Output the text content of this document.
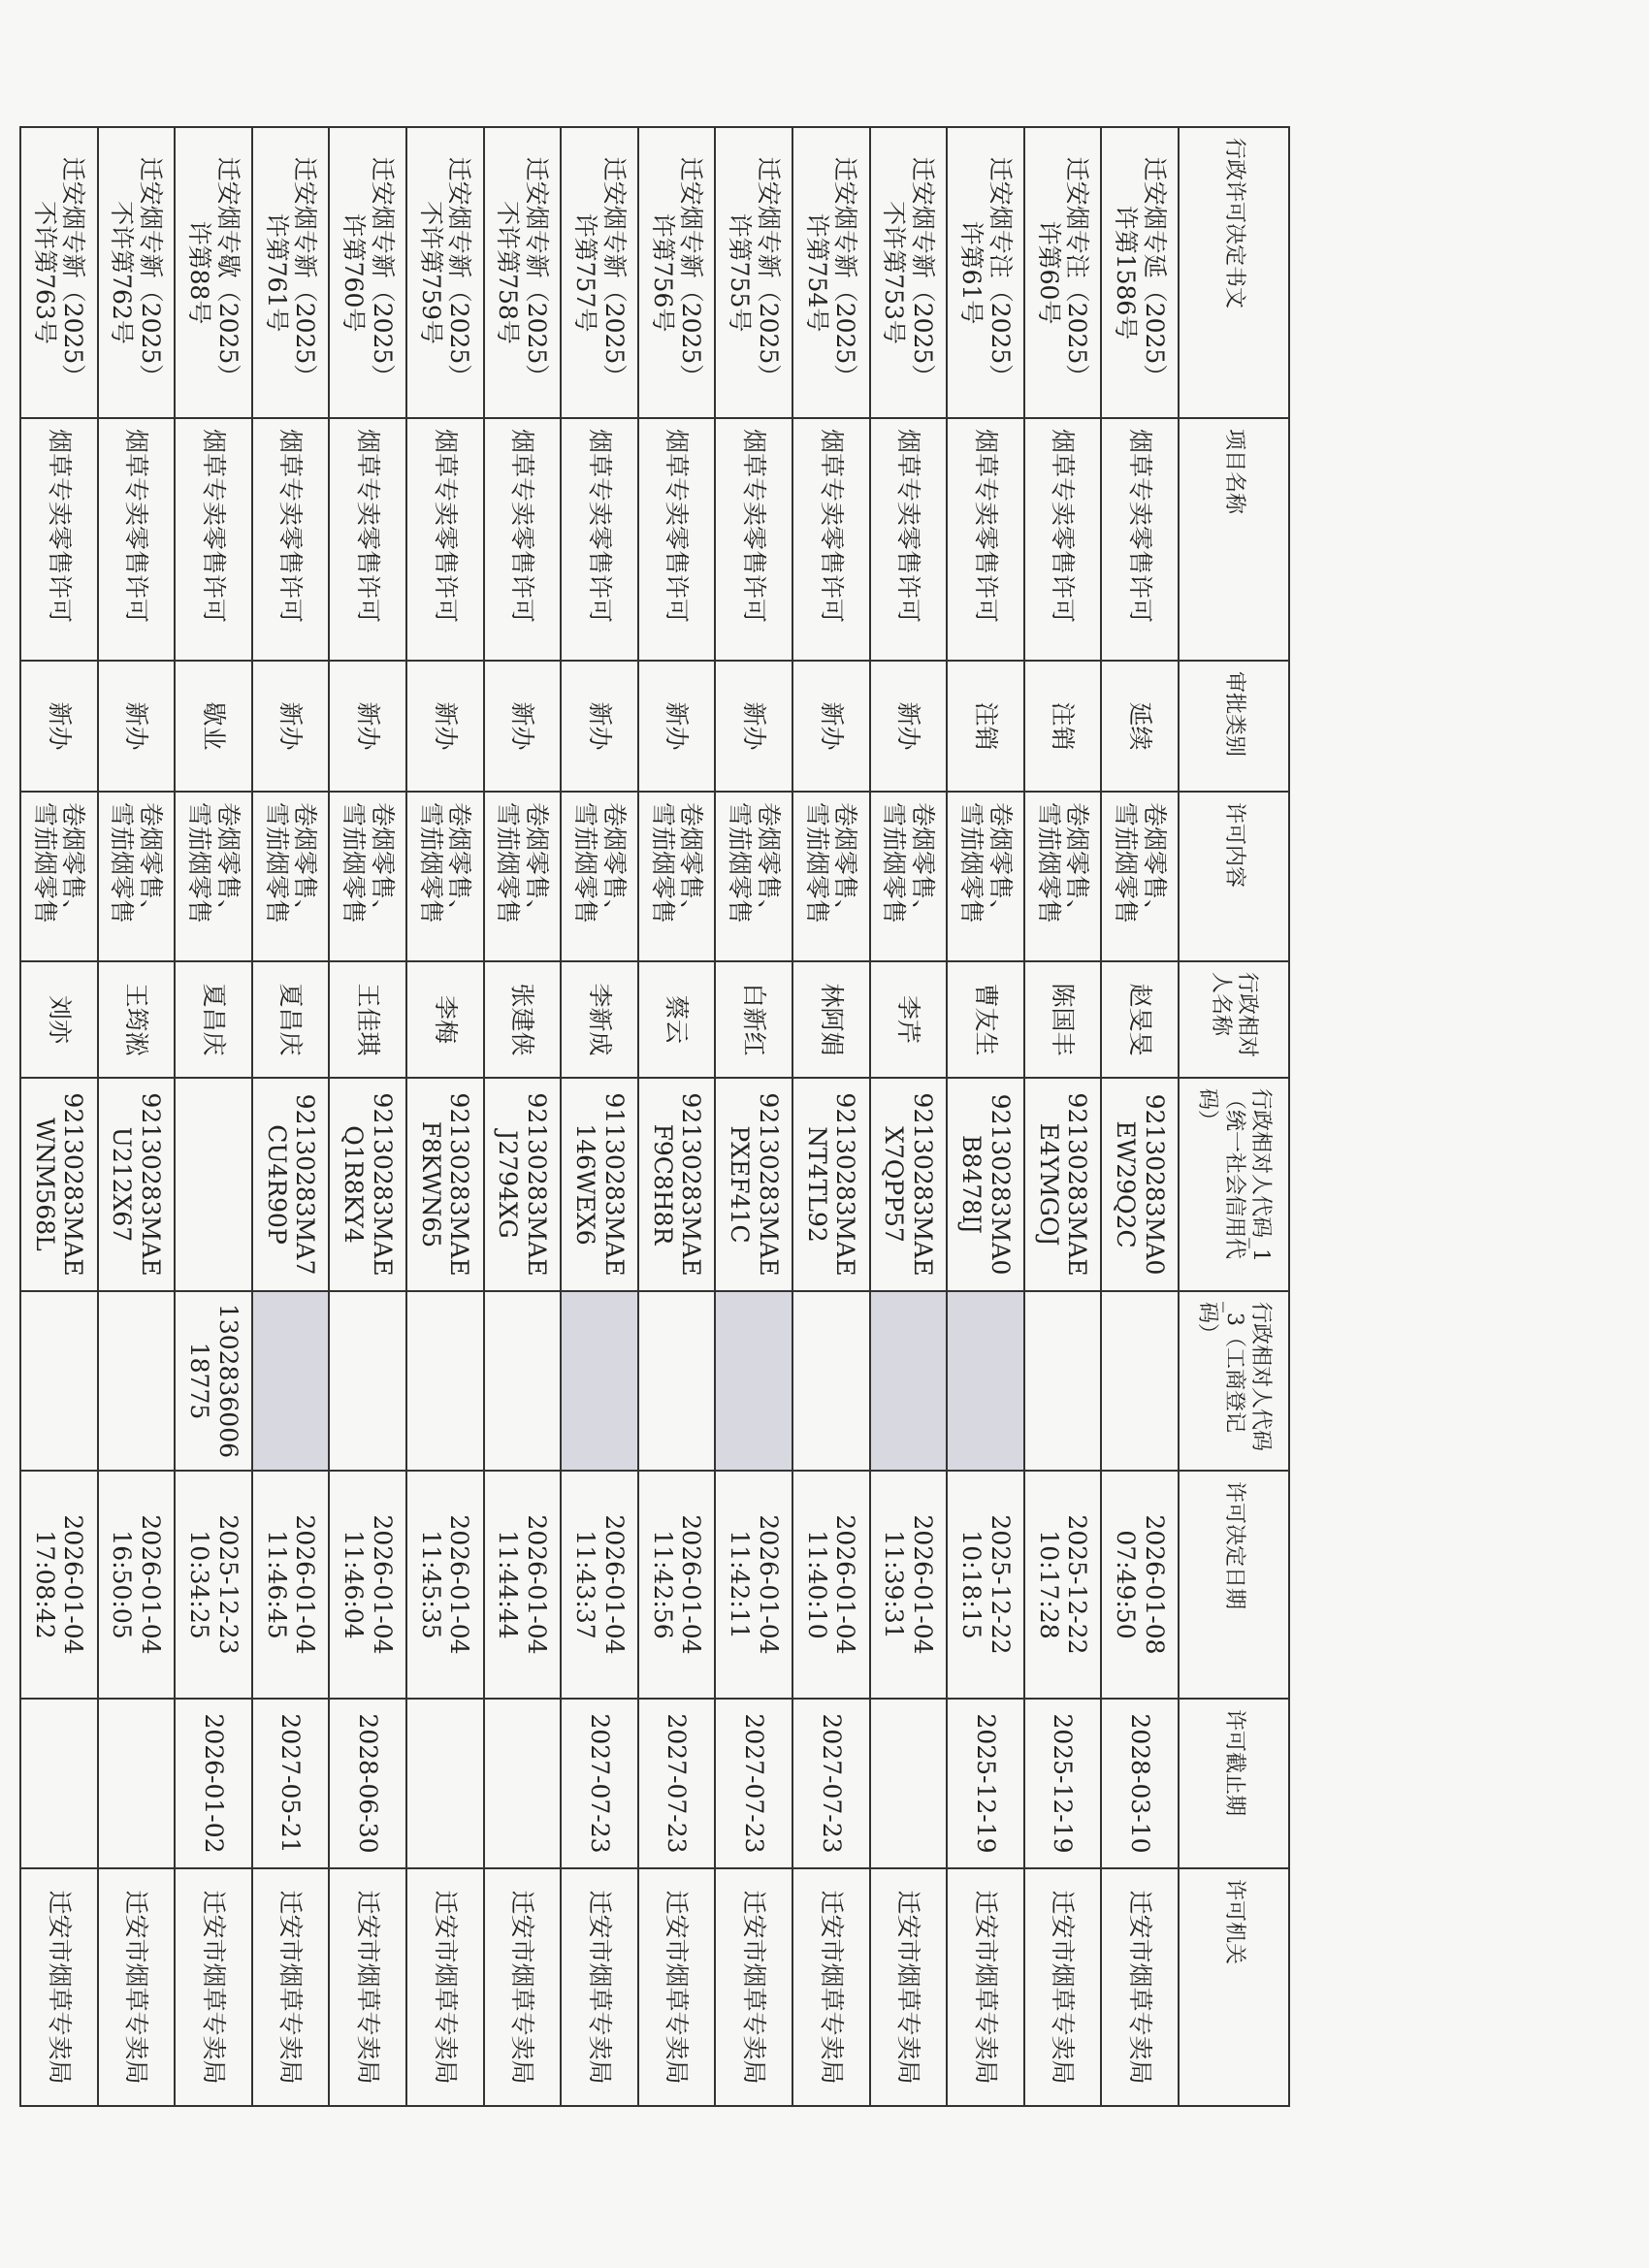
行政许可决定书文	项目名称	审批类别	许可内容	行政相对人名称	行政相对人代码_1（统一社会信用代码）	行政相对人代码_3（工商登记码）	许可决定日期	许可截止期	许可机关

迁安烟专延（2025）
许第1586号	烟草专卖零售许可	延续	卷烟零售、
雪茄烟零售	赵旻旻	92130283MA0
EW29Q2C		2026-01-08
07:49:50	2028-03-10	迁安市烟草专卖局

迁安烟专注（2025）
许第60号	烟草专卖零售许可	注销	卷烟零售、
雪茄烟零售	陈国丰	92130283MAE
E4YMGOJ		2025-12-22
10:17:28	2025-12-19	迁安市烟草专卖局

迁安烟专注（2025）
许第61号	烟草专卖零售许可	注销	卷烟零售、
雪茄烟零售	曹友生	92130283MA0
B8478IJ		2025-12-22
10:18:15	2025-12-19	迁安市烟草专卖局

迁安烟专新（2025）
不许第753号	烟草专卖零售许可	新办	卷烟零售、
雪茄烟零售	李芹	92130283MAE
X7QPP57		2026-01-04
11:39:31		迁安市烟草专卖局

迁安烟专新（2025）
许第754号	烟草专卖零售许可	新办	卷烟零售、
雪茄烟零售	林阿娟	92130283MAE
NT4TL92		2026-01-04
11:40:10	2027-07-23	迁安市烟草专卖局

迁安烟专新（2025）
许第755号	烟草专卖零售许可	新办	卷烟零售、
雪茄烟零售	白新红	92130283MAE
PXEF41C		2026-01-04
11:42:11	2027-07-23	迁安市烟草专卖局

迁安烟专新（2025）
许第756号	烟草专卖零售许可	新办	卷烟零售、
雪茄烟零售	蔡云	92130283MAE
F9C8H8R		2026-01-04
11:42:56	2027-07-23	迁安市烟草专卖局

迁安烟专新（2025）
许第757号	烟草专卖零售许可	新办	卷烟零售、
雪茄烟零售	李新成	91130283MAE
146WEX6		2026-01-04
11:43:37	2027-07-23	迁安市烟草专卖局

迁安烟专新（2025）
不许第758号	烟草专卖零售许可	新办	卷烟零售、
雪茄烟零售	张建侠	92130283MAE
J2794XG		2026-01-04
11:44:44		迁安市烟草专卖局

迁安烟专新（2025）
不许第759号	烟草专卖零售许可	新办	卷烟零售、
雪茄烟零售	李梅	92130283MAE
F8KWN65		2026-01-04
11:45:35		迁安市烟草专卖局

迁安烟专新（2025）
许第760号	烟草专卖零售许可	新办	卷烟零售、
雪茄烟零售	王佳琪	92130283MAE
Q1R8KY4		2026-01-04
11:46:04	2028-06-30	迁安市烟草专卖局

迁安烟专新（2025）
许第761号	烟草专卖零售许可	新办	卷烟零售、
雪茄烟零售	夏昌庆	92130283MA7
CU4R90P		2026-01-04
11:46:45	2027-05-21	迁安市烟草专卖局

迁安烟专歇（2025）
许第88号	烟草专卖零售许可	歇业	卷烟零售、
雪茄烟零售	夏昌庆		1302836006
18775	2025-12-23
10:34:25	2026-01-02	迁安市烟草专卖局

迁安烟专新（2025）
不许第762号	烟草专卖零售许可	新办	卷烟零售、
雪茄烟零售	王筠淞	92130283MAE
U212X67		2026-01-04
16:50:05		迁安市烟草专卖局

迁安烟专新（2025）
不许第763号	烟草专卖零售许可	新办	卷烟零售、
雪茄烟零售	刘亦	92130283MAE
WNM568L		2026-01-04
17:08:42		迁安市烟草专卖局
